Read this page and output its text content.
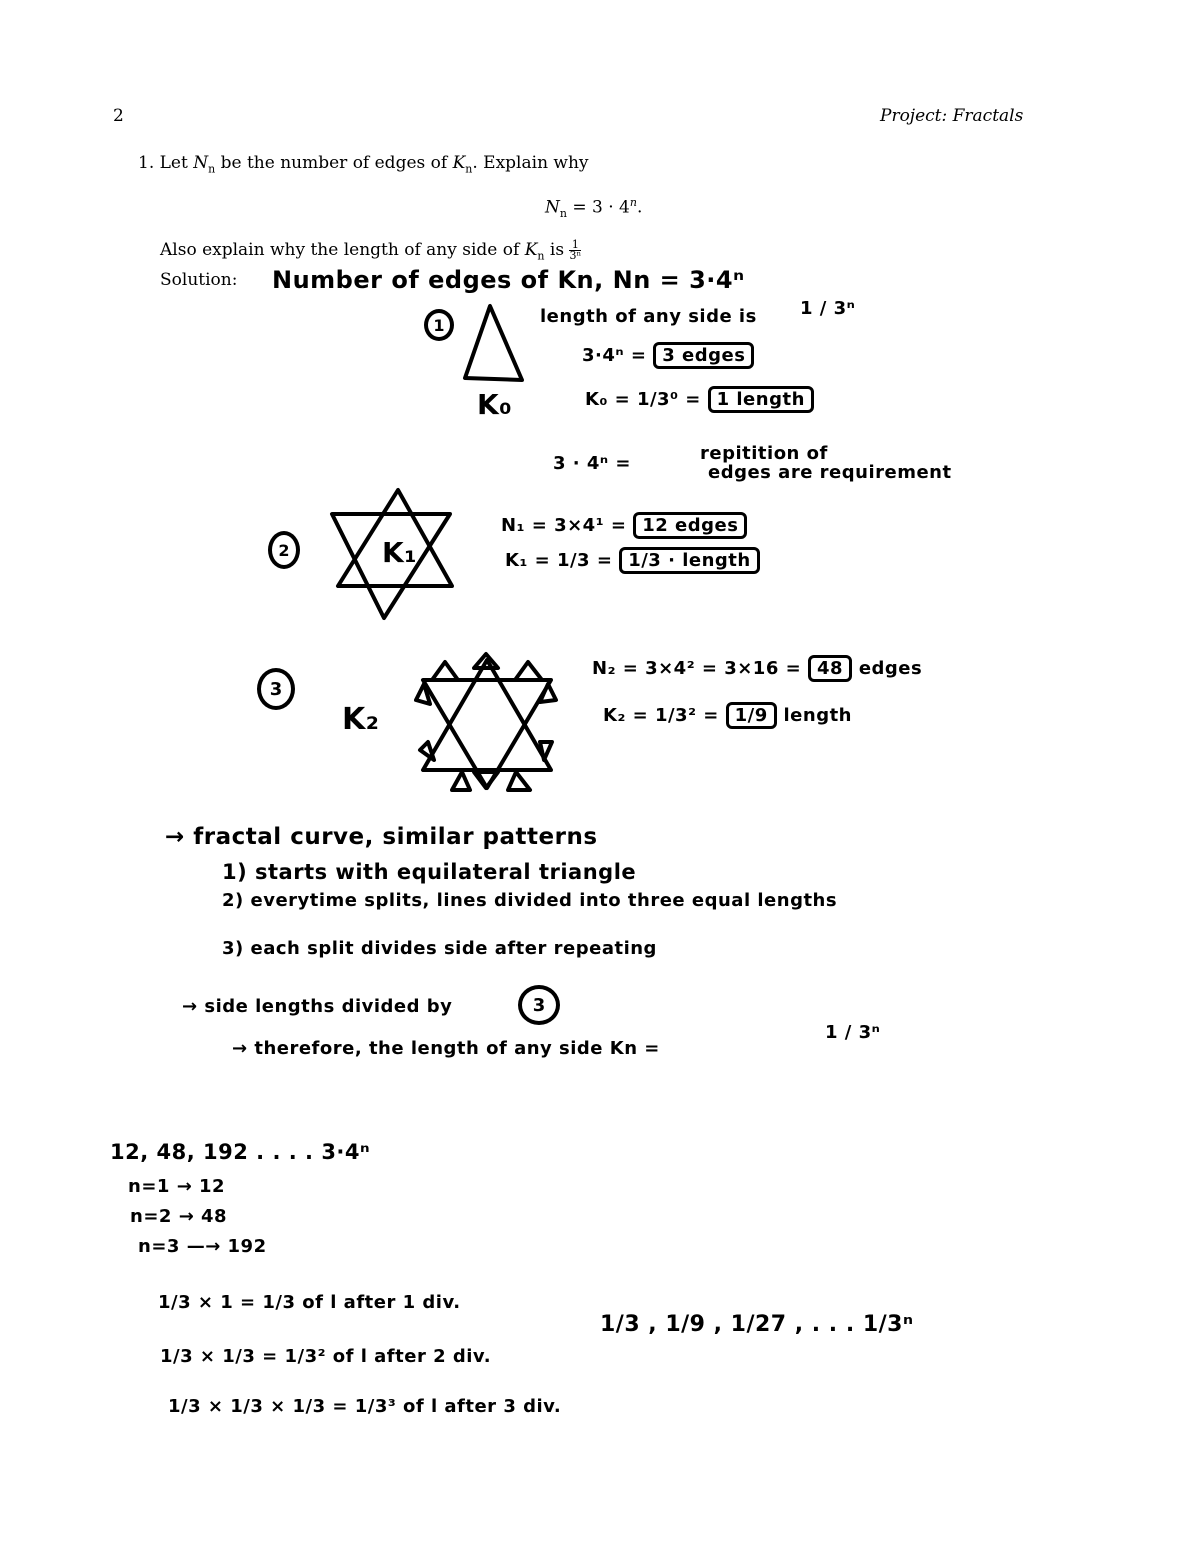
2	Project: Fractals
1. Let $N_n$ be the number of edges of $K_n$. Explain why
$N_n = 3 \cdot 4^n$.
Also explain why the length of any side of $K_n$ is $\frac{1}{\text{3ⁿ}}$
Solution: Number of edges of Kn, Nn = 3·4ⁿ
length of any side is 1 / 3ⁿ
1
K₀
3·4ⁿ = 3 edges
K₀ = 1/3⁰ = 1 length
3 · 4ⁿ =	repitition of
edges are requirement
2	K₁
N₁ = 3×4¹ = 12 edges
K₁ = 1/3 = 1/3 · length
3
K₂
N₂ = 3×4² = 3×16 = 48 edges
K₂ = 1/3² = 1/9 length
→ fractal curve, similar patterns
1) starts with equilateral triangle
2) everytime splits, lines divided into three equal lengths
3) each split divides side after repeating
→ side lengths divided by	3
→ therefore, the length of any side Kn =
1 / 3ⁿ
12, 48, 192 . . . . 3·4ⁿ
n=1 → 12
n=2 → 48
n=3 —→ 192
1/3 × 1 = 1/3 of l after 1 div.
1/3 × 1/3 = 1/3² of l after 2 div.
1/3 × 1/3 × 1/3 = 1/3³ of l after 3 div.
1/3 , 1/9 , 1/27 , . . . 1/3ⁿ
